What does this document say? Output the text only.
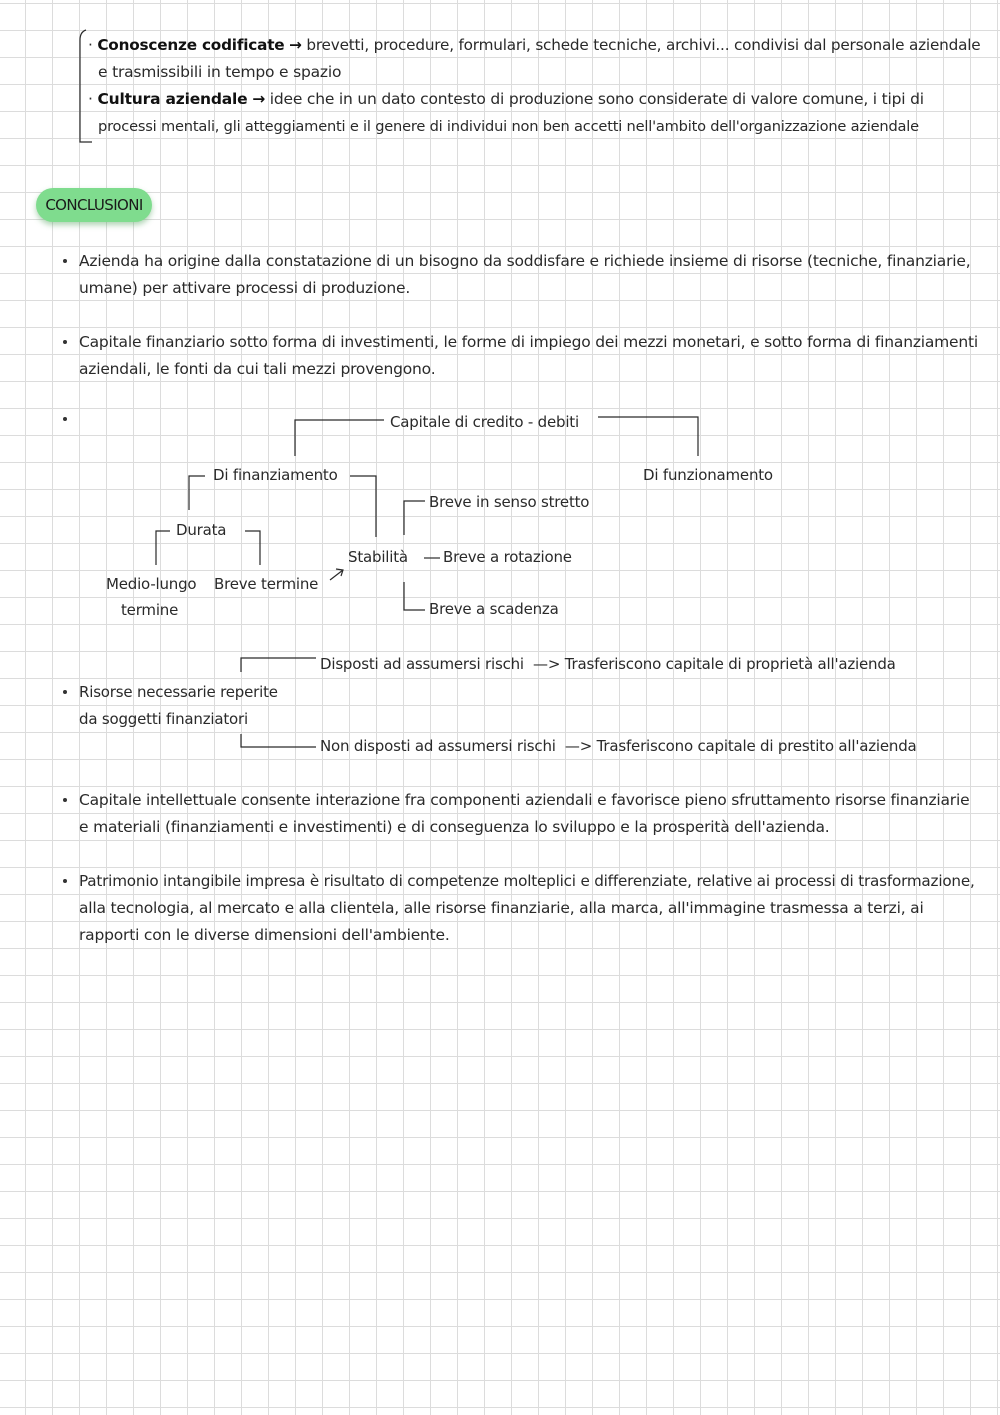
· Conoscenze codificate → brevetti, procedure, formulari, schede tecniche, archivi... condivisi dal personale aziendale
e trasmissibili in tempo e spazio
· Cultura aziendale → idee che in un dato contesto di produzione sono considerate di valore comune, i tipi di
processi mentali, gli atteggiamenti e il genere di individui non ben accetti nell'ambito dell'organizzazione aziendale
CONCLUSIONI
Azienda ha origine dalla constatazione di un bisogno da soddisfare e richiede insieme di risorse (tecniche, finanziarie,
umane) per attivare processi di produzione.
Capitale finanziario sotto forma di investimenti, le forme di impiego dei mezzi monetari, e sotto forma di finanziamenti
aziendali, le fonti da cui tali mezzi provengono.
Capitale di credito - debiti
Di finanziamento	Di funzionamento
Durata
Medio-lungo
termine
Breve termine
Stabilità
Breve in senso stretto
Breve a rotazione
Breve a scadenza
Disposti ad assumersi rischi —> Trasferiscono capitale di proprietà all'azienda
Risorse necessarie reperite
da soggetti finanziatori
Non disposti ad assumersi rischi —> Trasferiscono capitale di prestito all'azienda
Capitale intellettuale consente interazione fra componenti aziendali e favorisce pieno sfruttamento risorse finanziarie
e materiali (finanziamenti e investimenti) e di conseguenza lo sviluppo e la prosperità dell'azienda.
Patrimonio intangibile impresa è risultato di competenze molteplici e differenziate, relative ai processi di trasformazione,
alla tecnologia, al mercato e alla clientela, alle risorse finanziarie, alla marca, all'immagine trasmessa a terzi, ai
rapporti con le diverse dimensioni dell'ambiente.
